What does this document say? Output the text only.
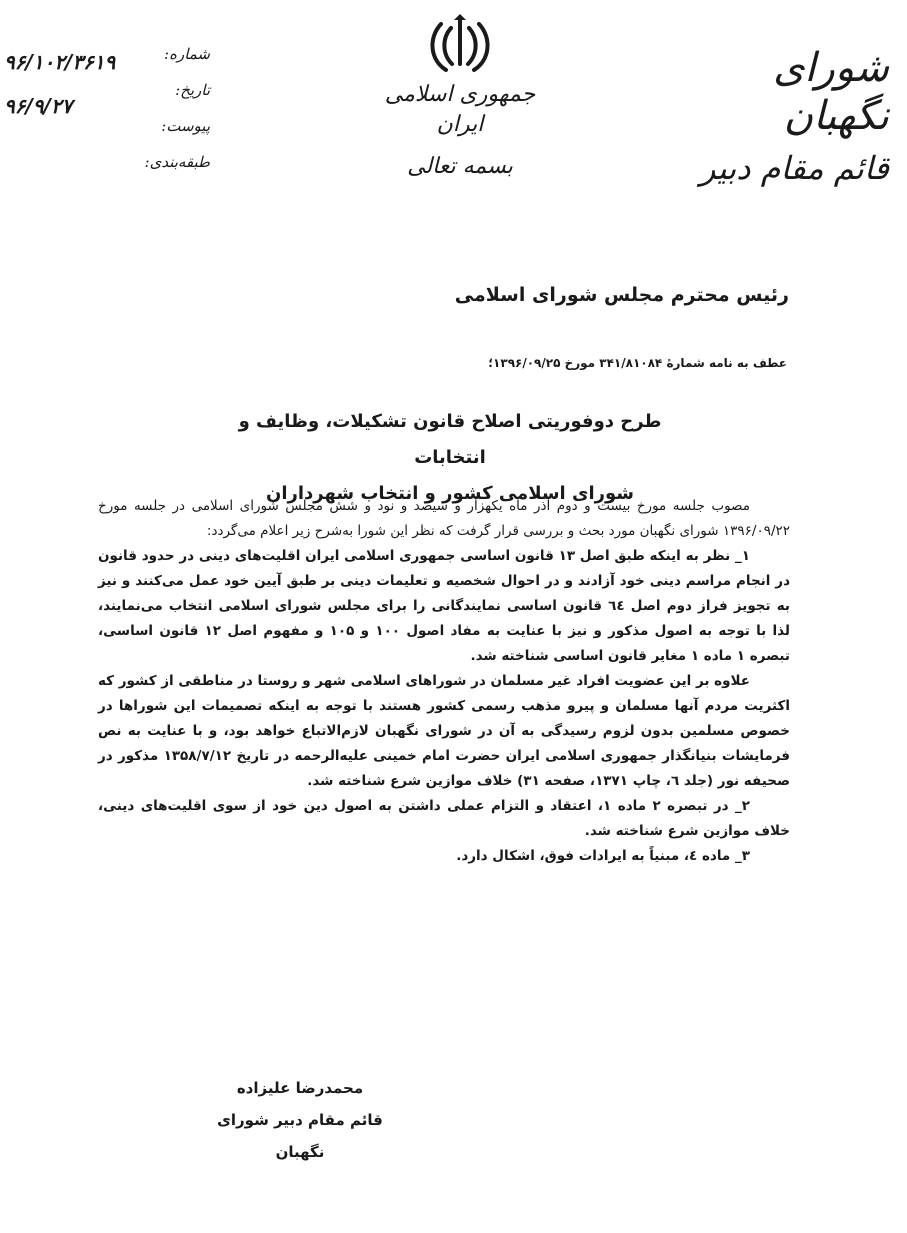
شورای نگهبان
قائم مقام دبیر
جمهوری اسلامی ایران
بسمه تعالی
شماره:
تاریخ:
پیوست:
طبقه‌بندی:
۹۶/۱۰۲/۳۶۱۹
۹۶/۹/۲۷
رئیس محترم مجلس شورای اسلامی
عطف به نامه شمارهٔ ۳۴۱/۸۱۰۸۴ مورخ ۱۳۹۶/۰۹/۲۵؛
طرح دوفوریتی اصلاح قانون تشکیلات، وظایف و انتخابات
شورای اسلامی کشور و انتخاب شهرداران

مصوب جلسه مورخ بیست و دوم آذر ماه یکهزار و سیصد و نود و شش مجلس شورای اسلامی در جلسه مورخ ۱۳۹۶/۰۹/۲۲ شورای نگهبان مورد بحث و بررسی قرار گرفت که نظر این شورا به‌شرح زیر اعلام می‌گردد:

۱_ نظر به اینکه طبق اصل ۱۳ قانون اساسی جمهوری اسلامی ایران اقلیت‌های دینی در حدود قانون در انجام مراسم دینی خود آزادند و در احوال شخصیه و تعلیمات دینی بر طبق آیین خود عمل می‌کنند و نیز به تجویز فراز دوم اصل ٦٤ قانون اساسی نمایندگانی را برای مجلس شورای اسلامی انتخاب می‌نمایند، لذا با توجه به اصول مذکور و نیز با عنایت به مفاد اصول ۱۰۰ و ۱۰۵ و مفهوم اصل ۱۲ قانون اساسی، تبصره ۱ ماده ۱ مغایر قانون اساسی شناخته شد.

علاوه بر این عضویت افراد غیر مسلمان در شوراهای اسلامی شهر و روستا در مناطقی از کشور که اکثریت مردم آنها مسلمان و پیرو مذهب رسمی کشور هستند با توجه به اینکه تصمیمات این شوراها در خصوص مسلمین بدون لزوم رسیدگی به آن در شورای نگهبان لازم‌الاتباع خواهد بود، و با عنایت به نص فرمایشات بنیانگذار جمهوری اسلامی ایران حضرت امام خمینی علیه‌الرحمه در تاریخ ۱۳۵۸/۷/۱۲ مذکور در صحیفه نور (جلد ٦، چاپ ۱۳۷۱، صفحه ۳۱) خلاف موازین شرع شناخته شد.

۲_ در تبصره ۲ ماده ۱، اعتقاد و التزام عملی داشتن به اصول دین خود از سوی اقلیت‌های دینی، خلاف موازین شرع شناخته شد.

۳_ ماده ٤، مبنیاً به ایرادات فوق، اشکال دارد.

محمدرضا علیزاده
قائم مقام دبیر شورای نگهبان
